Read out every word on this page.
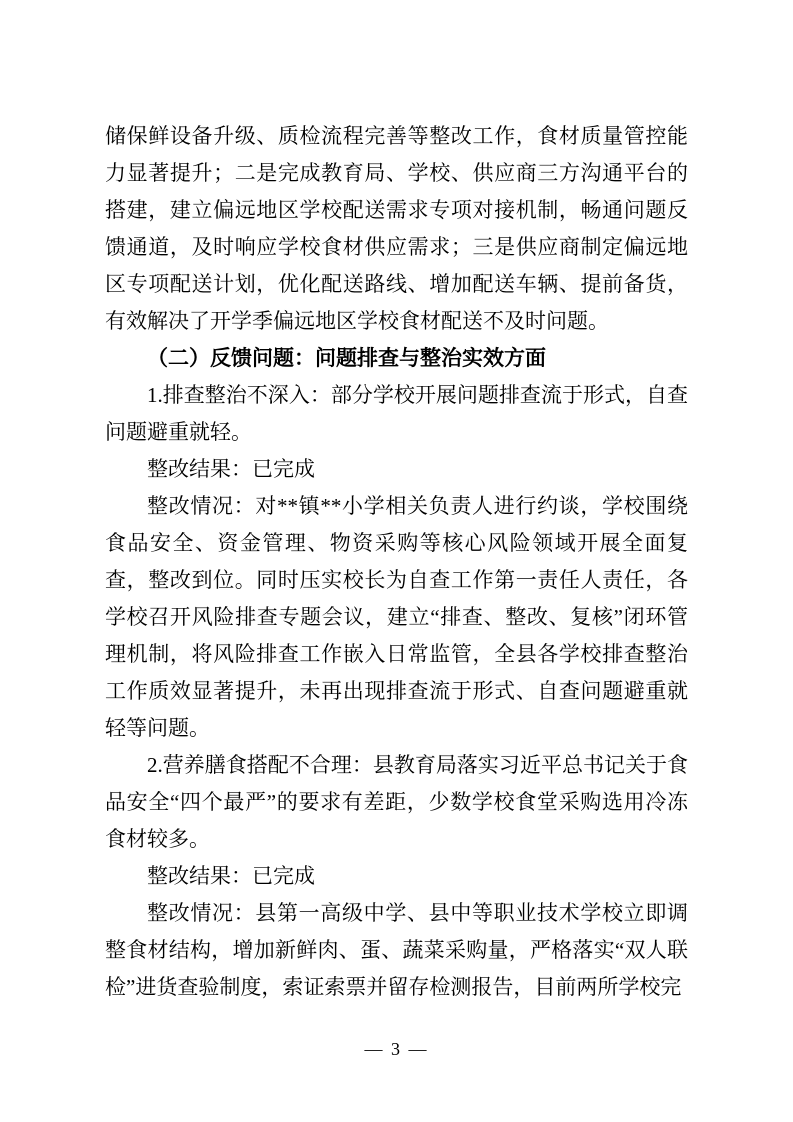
储保鲜设备升级、质检流程完善等整改工作，食材质量管控能力显著提升；二是完成教育局、学校、供应商三方沟通平台的搭建，建立偏远地区学校配送需求专项对接机制，畅通问题反馈通道，及时响应学校食材供应需求；三是供应商制定偏远地区专项配送计划，优化配送路线、增加配送车辆、提前备货，有效解决了开学季偏远地区学校食材配送不及时问题。

（二）反馈问题：问题排查与整治实效方面

1.排查整治不深入：部分学校开展问题排查流于形式，自查问题避重就轻。

整改结果：已完成

整改情况：对**镇**小学相关负责人进行约谈，学校围绕食品安全、资金管理、物资采购等核心风险领域开展全面复查，整改到位。同时压实校长为自查工作第一责任人责任，各学校召开风险排查专题会议，建立“排查、整改、复核”闭环管理机制，将风险排查工作嵌入日常监管，全县各学校排查整治工作质效显著提升，未再出现排查流于形式、自查问题避重就轻等问题。

2.营养膳食搭配不合理：县教育局落实习近平总书记关于食品安全“四个最严”的要求有差距，少数学校食堂采购选用冷冻食材较多。

整改结果：已完成

整改情况：县第一高级中学、县中等职业技术学校立即调整食材结构，增加新鲜肉、蛋、蔬菜采购量，严格落实“双人联检”进货查验制度，索证索票并留存检测报告，目前两所学校完

— 3 —
